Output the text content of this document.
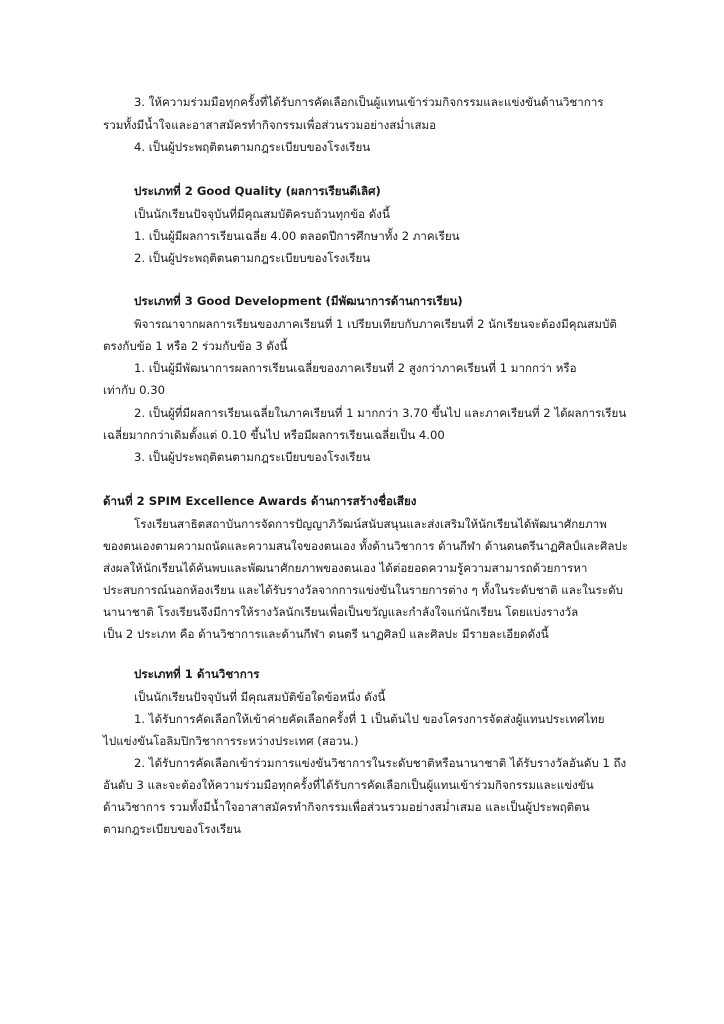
3. ให้ความร่วมมือทุกครั้งที่ได้รับการคัดเลือกเป็นผู้แทนเข้าร่วมกิจกรรมและแข่งขันด้านวิชาการ
รวมทั้งมีน้ำใจและอาสาสมัครทำกิจกรรมเพื่อส่วนรวมอย่างสม่ำเสมอ
4. เป็นผู้ประพฤติตนตามกฎระเบียบของโรงเรียน
ประเภทที่ 2 Good Quality (ผลการเรียนดีเลิศ)
เป็นนักเรียนปัจจุบันที่มีคุณสมบัติครบถ้วนทุกข้อ ดังนี้
1. เป็นผู้มีผลการเรียนเฉลี่ย 4.00 ตลอดปีการศึกษาทั้ง 2 ภาคเรียน
2. เป็นผู้ประพฤติตนตามกฎระเบียบของโรงเรียน
ประเภทที่ 3 Good Development (มีพัฒนาการด้านการเรียน)
พิจารณาจากผลการเรียนของภาคเรียนที่ 1 เปรียบเทียบกับภาคเรียนที่ 2 นักเรียนจะต้องมีคุณสมบัติ
ตรงกับข้อ 1 หรือ 2 ร่วมกับข้อ 3 ดังนี้
1. เป็นผู้มีพัฒนาการผลการเรียนเฉลี่ยของภาคเรียนที่ 2 สูงกว่าภาคเรียนที่ 1 มากกว่า หรือ
เท่ากับ 0.30
2. เป็นผู้ที่มีผลการเรียนเฉลี่ยในภาคเรียนที่ 1 มากกว่า 3.70 ขึ้นไป และภาคเรียนที่ 2 ได้ผลการเรียน
เฉลี่ยมากกว่าเดิมตั้งแต่ 0.10 ขึ้นไป หรือมีผลการเรียนเฉลี่ยเป็น 4.00
3. เป็นผู้ประพฤติตนตามกฎระเบียบของโรงเรียน
ด้านที่ 2 SPIM Excellence Awards ด้านการสร้างชื่อเสียง
โรงเรียนสาธิตสถาบันการจัดการปัญญาภิวัฒน์สนับสนุนและส่งเสริมให้นักเรียนได้พัฒนาศักยภาพ
ของตนเองตามความถนัดและความสนใจของตนเอง ทั้งด้านวิชาการ ด้านกีฬา ด้านดนตรีนาฏศิลป์และศิลปะ
ส่งผลให้นักเรียนได้ค้นพบและพัฒนาศักยภาพของตนเอง ได้ต่อยอดความรู้ความสามารถด้วยการหา
ประสบการณ์นอกห้องเรียน และได้รับรางวัลจากการแข่งขันในรายการต่าง ๆ ทั้งในระดับชาติ และในระดับ
นานาชาติ โรงเรียนจึงมีการให้รางวัลนักเรียนเพื่อเป็นขวัญและกำลังใจแก่นักเรียน โดยแบ่งรางวัล
เป็น 2 ประเภท คือ ด้านวิชาการและด้านกีฬา ดนตรี นาฏศิลป์ และศิลปะ มีรายละเอียดดังนี้
ประเภทที่ 1 ด้านวิชาการ
เป็นนักเรียนปัจจุบันที่ มีคุณสมบัติข้อใดข้อหนึ่ง ดังนี้
1. ได้รับการคัดเลือกให้เข้าค่ายคัดเลือกครั้งที่ 1 เป็นต้นไป ของโครงการจัดส่งผู้แทนประเทศไทย
ไปแข่งขันโอลิมปิกวิชาการระหว่างประเทศ (สอวน.)
2. ได้รับการคัดเลือกเข้าร่วมการแข่งขันวิชาการในระดับชาติหรือนานาชาติ ได้รับรางวัลอันดับ 1 ถึง
อันดับ 3 และจะต้องให้ความร่วมมือทุกครั้งที่ได้รับการคัดเลือกเป็นผู้แทนเข้าร่วมกิจกรรมและแข่งขัน
ด้านวิชาการ รวมทั้งมีน้ำใจอาสาสมัครทำกิจกรรมเพื่อส่วนรวมอย่างสม่ำเสมอ และเป็นผู้ประพฤติตน
ตามกฎระเบียบของโรงเรียน
